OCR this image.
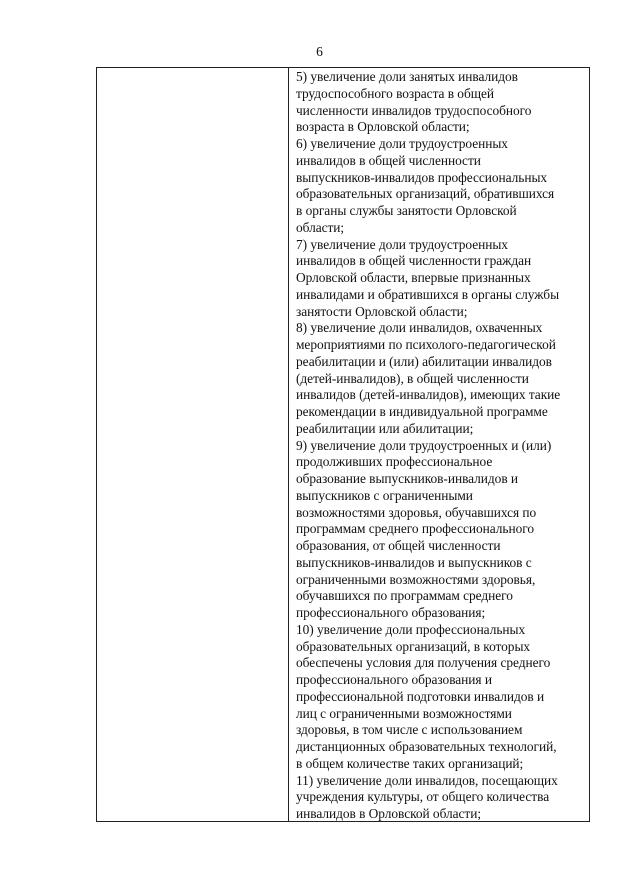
6
5) увеличение доли занятых инвалидов
трудоспособного возраста в общей
численности инвалидов трудоспособного
возраста в Орловской области;
6) увеличение доли трудоустроенных
инвалидов в общей численности
выпускников-инвалидов профессиональных
образовательных организаций, обратившихся
в органы службы занятости Орловской
области;
7) увеличение доли трудоустроенных
инвалидов в общей численности граждан
Орловской области, впервые признанных
инвалидами и обратившихся в органы службы
занятости Орловской области;
8) увеличение доли инвалидов, охваченных
мероприятиями по психолого-педагогической
реабилитации и (или) абилитации инвалидов
(детей-инвалидов), в общей численности
инвалидов (детей-инвалидов), имеющих такие
рекомендации в индивидуальной программе
реабилитации или абилитации;
9) увеличение доли трудоустроенных и (или)
продолживших профессиональное
образование выпускников-инвалидов и
выпускников с ограниченными
возможностями здоровья, обучавшихся по
программам среднего профессионального
образования, от общей численности
выпускников-инвалидов и выпускников с
ограниченными возможностями здоровья,
обучавшихся по программам среднего
профессионального образования;
10) увеличение доли профессиональных
образовательных организаций, в которых
обеспечены условия для получения среднего
профессионального образования и
профессиональной подготовки инвалидов и
лиц с ограниченными возможностями
здоровья, в том числе с использованием
дистанционных образовательных технологий,
в общем количестве таких организаций;
11) увеличение доли инвалидов, посещающих
учреждения культуры, от общего количества
инвалидов в Орловской области;
